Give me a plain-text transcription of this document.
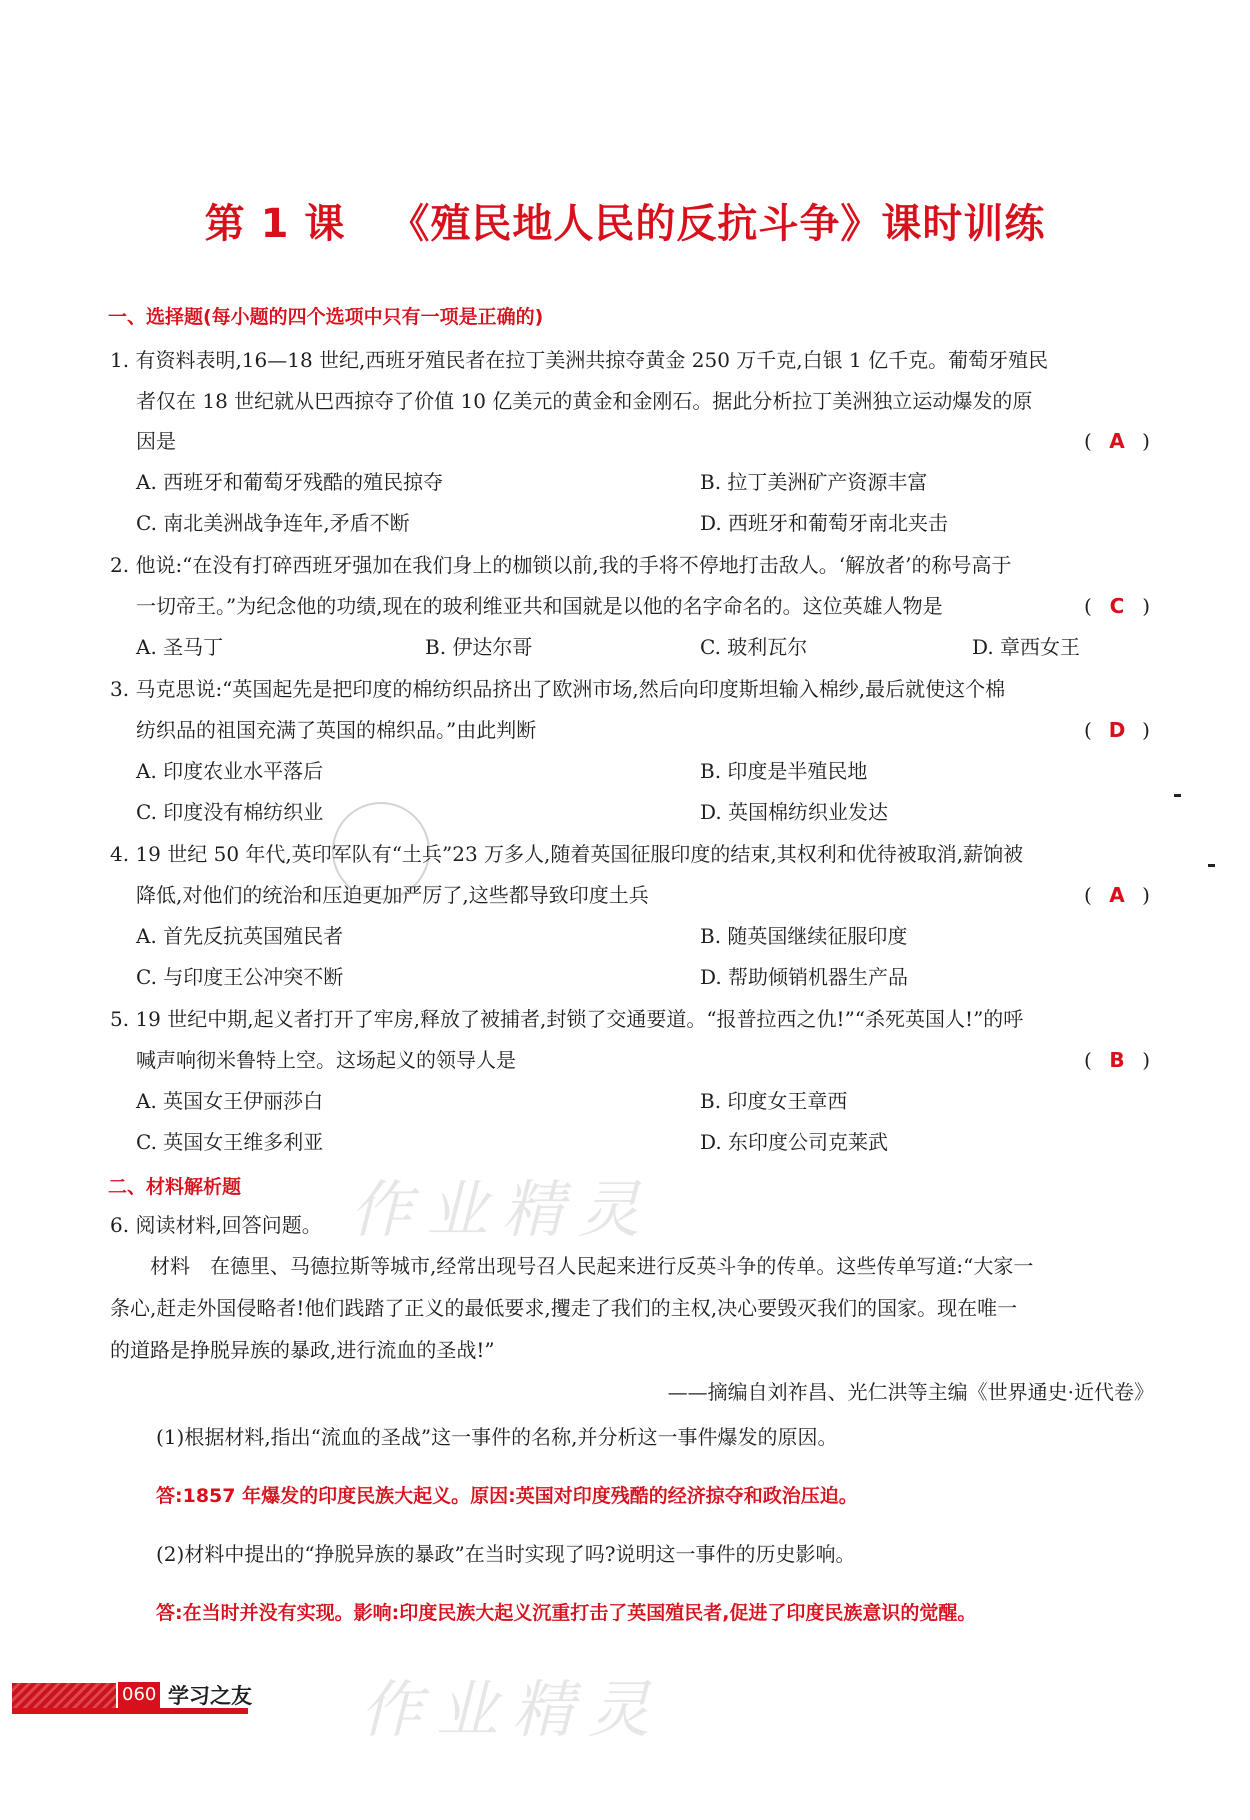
第 1 课 《殖民地人民的反抗斗争》课时训练
一、选择题(每小题的四个选项中只有一项是正确的)
1. 有资料表明,16—18 世纪,西班牙殖民者在拉丁美洲共掠夺黄金 250 万千克,白银 1 亿千克。葡萄牙殖民
者仅在 18 世纪就从巴西掠夺了价值 10 亿美元的黄金和金刚石。据此分析拉丁美洲独立运动爆发的原
因是	( A )
A. 西班牙和葡萄牙残酷的殖民掠夺	B. 拉丁美洲矿产资源丰富
C. 南北美洲战争连年,矛盾不断	D. 西班牙和葡萄牙南北夹击
2. 他说:“在没有打碎西班牙强加在我们身上的枷锁以前,我的手将不停地打击敌人。‘解放者’的称号高于
一切帝王。”为纪念他的功绩,现在的玻利维亚共和国就是以他的名字命名的。这位英雄人物是	( C )
A. 圣马丁	B. 伊达尔哥	C. 玻利瓦尔	D. 章西女王
3. 马克思说:“英国起先是把印度的棉纺织品挤出了欧洲市场,然后向印度斯坦输入棉纱,最后就使这个棉
纺织品的祖国充满了英国的棉织品。”由此判断	( D )
A. 印度农业水平落后	B. 印度是半殖民地
C. 印度没有棉纺织业	D. 英国棉纺织业发达
4. 19 世纪 50 年代,英印军队有“土兵”23 万多人,随着英国征服印度的结束,其权利和优待被取消,薪饷被
降低,对他们的统治和压迫更加严厉了,这些都导致印度土兵	( A )
A. 首先反抗英国殖民者	B. 随英国继续征服印度
C. 与印度王公冲突不断	D. 帮助倾销机器生产品
5. 19 世纪中期,起义者打开了牢房,释放了被捕者,封锁了交通要道。“报普拉西之仇!”“杀死英国人!”的呼
喊声响彻米鲁特上空。这场起义的领导人是	( B )
A. 英国女王伊丽莎白	B. 印度女王章西
C. 英国女王维多利亚	D. 东印度公司克莱武
二、材料解析题
6. 阅读材料,回答问题。
材料　在德里、马德拉斯等城市,经常出现号召人民起来进行反英斗争的传单。这些传单写道:“大家一
条心,赶走外国侵略者!他们践踏了正义的最低要求,攫走了我们的主权,决心要毁灭我们的国家。现在唯一
的道路是挣脱异族的暴政,进行流血的圣战!”
——摘编自刘祚昌、光仁洪等主编《世界通史·近代卷》
(1)根据材料,指出“流血的圣战”这一事件的名称,并分析这一事件爆发的原因。
答:1857 年爆发的印度民族大起义。原因:英国对印度残酷的经济掠夺和政治压迫。
(2)材料中提出的“挣脱异族的暴政”在当时实现了吗?说明这一事件的历史影响。
答:在当时并没有实现。影响:印度民族大起义沉重打击了英国殖民者,促进了印度民族意识的觉醒。
作业精灵
作业精灵
060 学习之友
